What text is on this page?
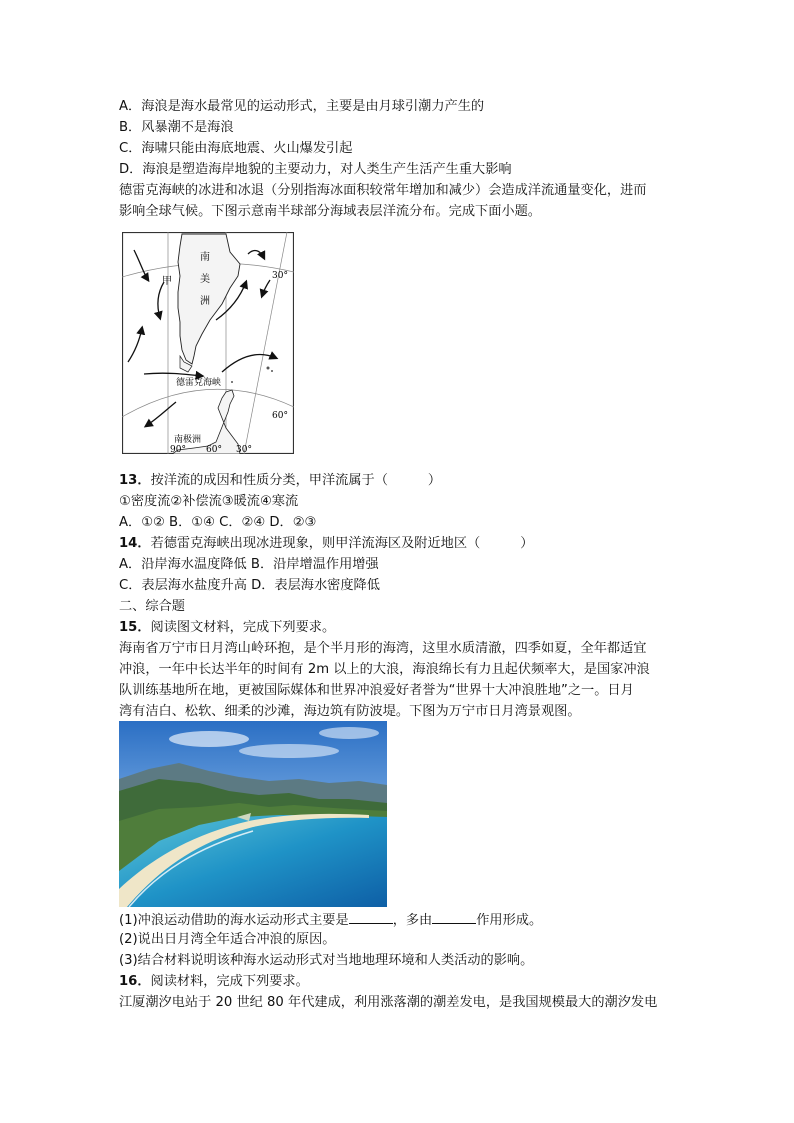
A．海浪是海水最常见的运动形式，主要是由月球引潮力产生的
B．风暴潮不是海浪
C．海啸只能由海底地震、火山爆发引起
D．海浪是塑造海岸地貌的主要动力，对人类生产生活产生重大影响
德雷克海峡的冰进和冰退（分别指海冰面积较常年增加和减少）会造成洋流通量变化，进而
影响全球气候。下图示意南半球部分海域表层洋流分布。完成下面小题。
南
美
洲
甲
德雷克海峡
南极洲
30°
60°
90° 60° 30°
13．按洋流的成因和性质分类，甲洋流属于（	）
①密度流②补偿流③暖流④寒流
A．①② B．①④ C．②④ D．②③
14．若德雷克海峡出现冰进现象，则甲洋流海区及附近地区（	）
A．沿岸海水温度降低 B．沿岸增温作用增强
C．表层海水盐度升高 D．表层海水密度降低
二、综合题
15．阅读图文材料，完成下列要求。
海南省万宁市日月湾山岭环抱，是个半月形的海湾，这里水质清澈，四季如夏，全年都适宜
冲浪，一年中长达半年的时间有 2m 以上的大浪，海浪绵长有力且起伏频率大，是国家冲浪
队训练基地所在地，更被国际媒体和世界冲浪爱好者誉为“世界十大冲浪胜地”之一。日月
湾有洁白、松软、细柔的沙滩，海边筑有防波堤。下图为万宁市日月湾景观图。
(1)冲浪运动借助的海水运动形式主要是	，多由	作用形成。
(2)说出日月湾全年适合冲浪的原因。
(3)结合材料说明该种海水运动形式对当地地理环境和人类活动的影响。
16．阅读材料，完成下列要求。
江厦潮汐电站于 20 世纪 80 年代建成，利用涨落潮的潮差发电，是我国规模最大的潮汐发电
